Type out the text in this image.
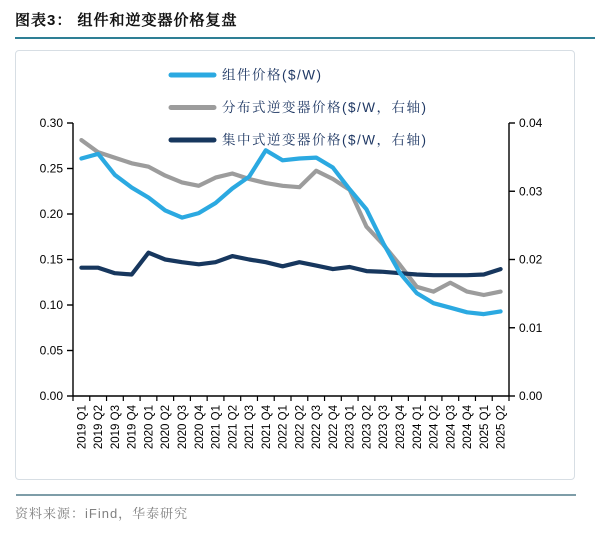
图表3： 组件和逆变器价格复盘
0.00
0.05
0.10
0.15
0.20
0.25
0.30
0.00
0.01
0.02
0.03
0.04
2019 Q1 2019 Q2 2019 Q3 2019 Q4 2020 Q1 2020 Q2 2020 Q3 2020 Q4 2021 Q1 2021 Q2 2021 Q3 2021 Q4 2022 Q1 2022 Q2 2022 Q3 2022 Q4 2023 Q1 2023 Q2 2023 Q3 2023 Q4 2024 Q1 2024 Q2 2024 Q3 2024 Q4 2025 Q1 2025 Q2
组件价格($/W)
分布式逆变器价格($/W，右轴)
集中式逆变器价格($/W，右轴)
资料来源：iFind，华泰研究
